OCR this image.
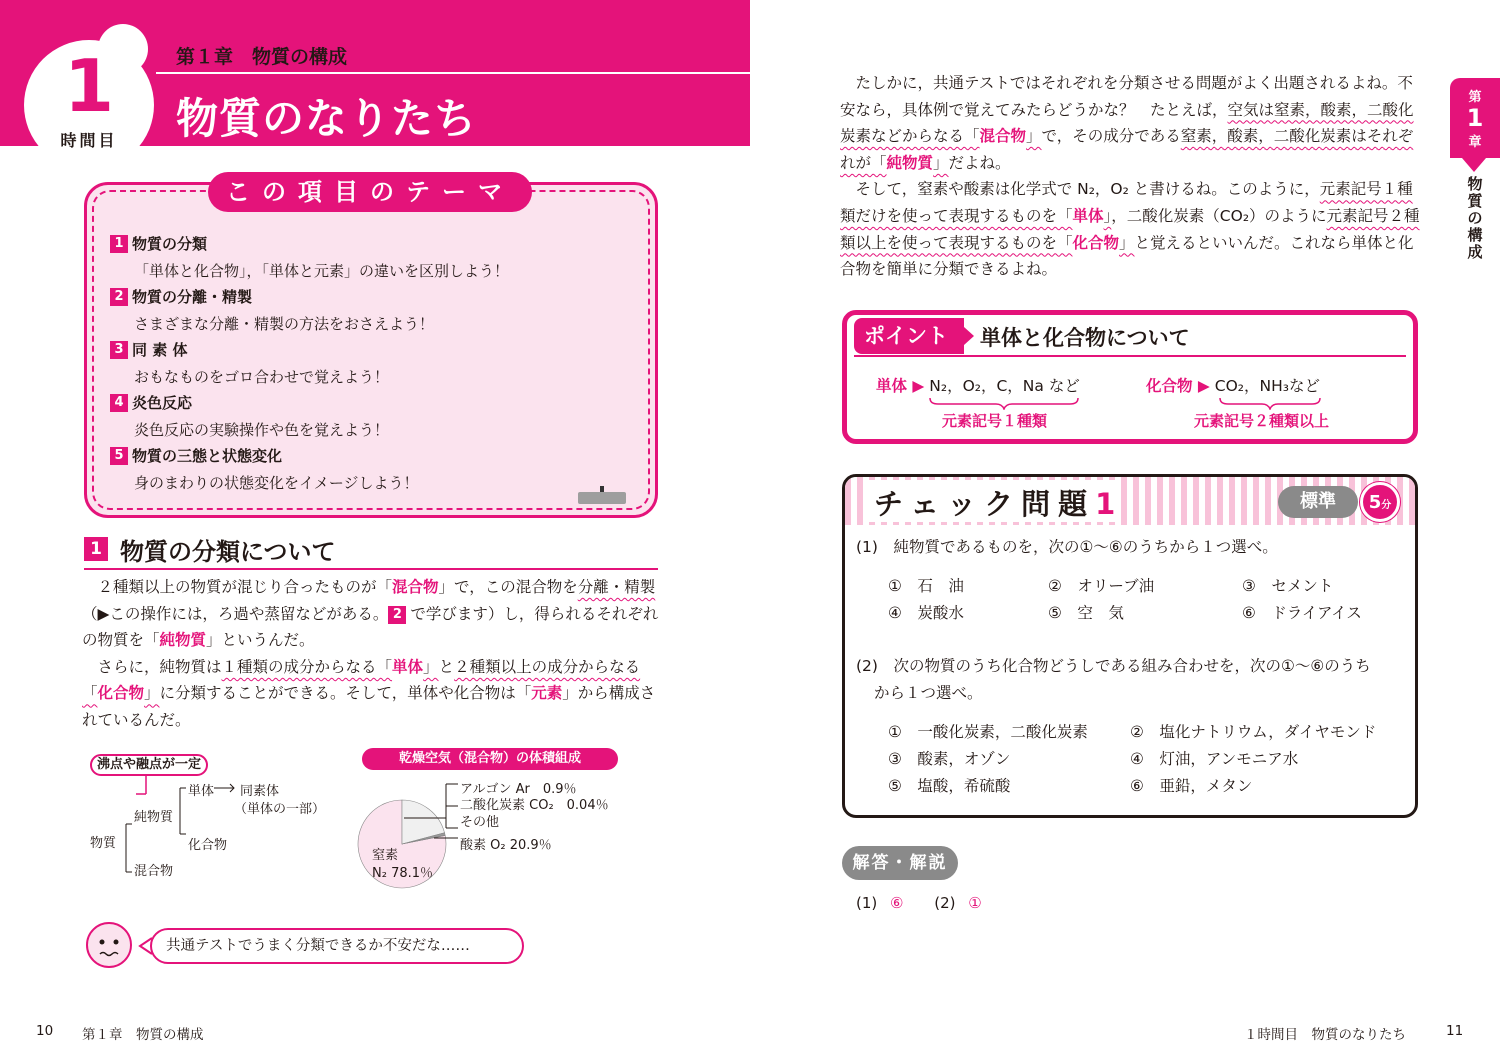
1
時間目
第１章　物質の構成
物質のなりたち
この項目のテーマ
1 物質の分類
「単体と化合物」，「単体と元素」の違いを区別しよう！
2 物質の分離・精製
さまざまな分離・精製の方法をおさえよう！
3 同 素 体
おもなものをゴロ合わせで覚えよう！
4 炎色反応
炎色反応の実験操作や色を覚えよう！
5 物質の三態と状態変化
身のまわりの状態変化をイメージしよう！
1 物質の分類について

　２種類以上の物質が混じり合ったものが「混合物」で，この混合物を分離・精製（▶この操作には，ろ過や蒸留などがある。 2 で学びます）し，得られるそれぞれの物質を「純物質」というんだ。

　さらに，純物質は１種類の成分からなる「単体」と２種類以上の成分からなる「化合物」に分類することができる。そして，単体や化合物は「元素」から構成されているんだ。

沸点や融点が一定
物質
純物質
混合物
単体 同素体
（単体の一部）
化合物
乾燥空気（混合物）の体積組成
アルゴン Ar　0.9％
二酸化炭素 CO₂　0.04％
その他
酸素 O₂ 20.9％
窒素
N₂ 78.1％
共通テストでうまく分類できるか不安だな……
10 第１章　物質の構成

　たしかに，共通テストではそれぞれを分類させる問題がよく出題されるよね。不安なら，具体例で覚えてみたらどうかな？　たとえば，空気は窒素，酸素，二酸化炭素などからなる「混合物」で，その成分である窒素，酸素，二酸化炭素はそれぞれが「純物質」だよね。

　そして，窒素や酸素は化学式で N₂，O₂ と書けるね。このように，元素記号１種類だけを使って表現するものを「単体」，二酸化炭素（CO₂）のように元素記号２種類以上を使って表現するものを「化合物」と覚えるといいんだ。これなら単体と化合物を簡単に分類できるよね。

第
1
章
物
質
の
構
成
ポイント	単体と化合物について
単体 ▶ N₂，O₂，C，Na など	化合物 ▶ CO₂，NH₃など
元素記号１種類	元素記号２種類以上
チェック問題1	標準	5分
(1)　純物質であるものを，次の①～⑥のうちから１つ選べ。
①　石　油	②　オリーブ油	③　セメント
④　炭酸水	⑤　空　気	⑥　ドライアイス
(2)　次の物質のうち化合物どうしである組み合わせを，次の①～⑥のうち
から１つ選べ。
①　一酸化炭素，二酸化炭素	②　塩化ナトリウム，ダイヤモンド
③　酸素，オゾン	④　灯油，アンモニア水
⑤　塩酸，希硫酸	⑥　亜鉛，メタン
解答・解説
(1) ⑥ (2) ①
１時間目　物質のなりたち	11
